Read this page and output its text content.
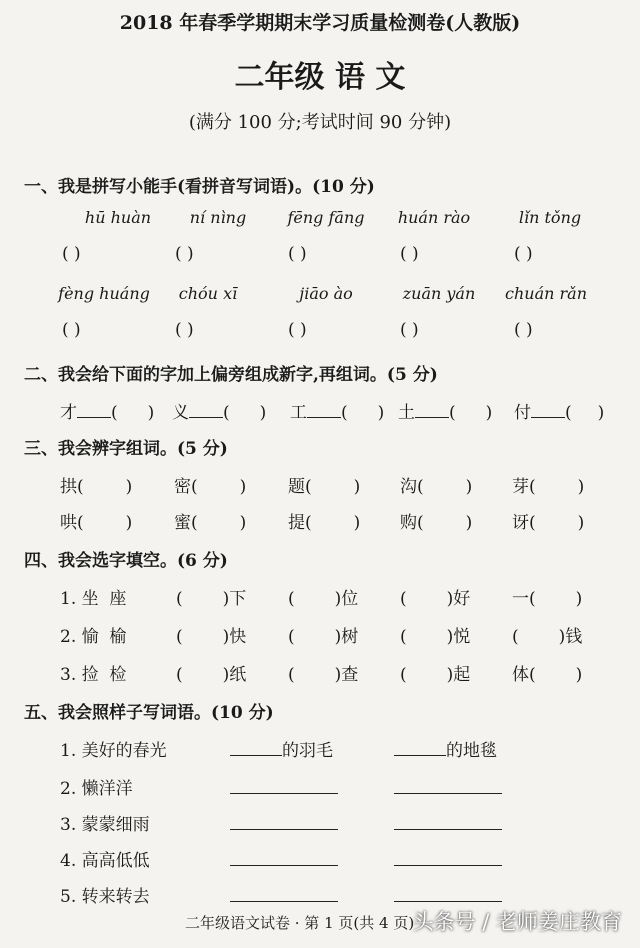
2018 年春季学期期末学习质量检测卷(人教版)
二年级 语 文
(满分 100 分;考试时间 90 分钟)
一、我是拼写小能手(看拼音写词语)。(10 分)
hū huàn	ní nìng	fēng fāng	huán rào	lǐn tǒng
( )	( )	( )	( )	( )
fèng huáng	chóu xī	jiāo ào	zuān yán	chuán rǎn
( )	( )	( )	( )	( )
二、我会给下面的字加上偏旁组成新字,再组词。(5 分)
才 ( ) 义 ( ) 工 ( ) 土 ( ) 付 ( )
三、我会辨字组词。(5 分)
拱( ) 密( ) 题( ) 沟( ) 芽( )
哄( ) 蜜( ) 提( ) 购( ) 讶( )
四、我会选字填空。(6 分)
1. 坐  座	( )下 ( )位 ( )好 一( )
2. 愉  榆	( )快 ( )树 ( )悦 ( )钱
3. 捡  检	( )纸 ( )查 ( )起 体( )
五、我会照样子写词语。(10 分)
1. 美好的春光	的羽毛	的地毯
2. 懒洋洋
3. 蒙蒙细雨
4. 高高低低
5. 转来转去
二年级语文试卷 · 第 1 页(共 4 页)
头条号 / 老师姜庄教育
